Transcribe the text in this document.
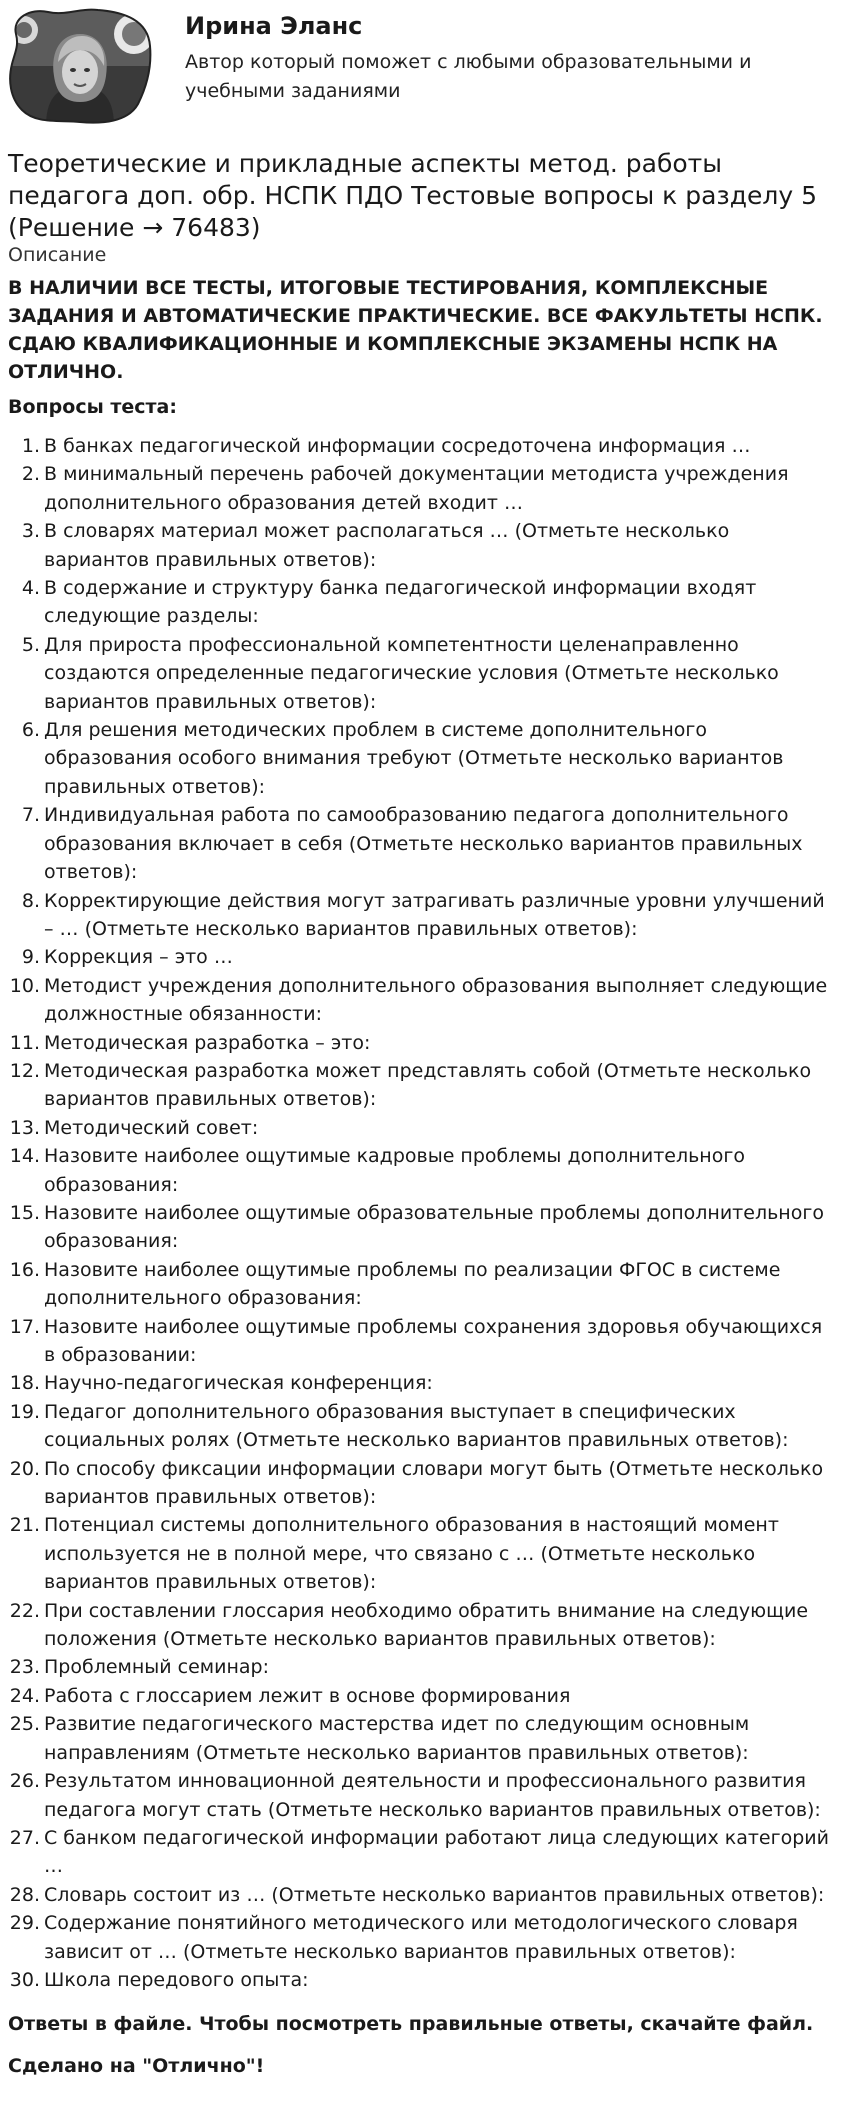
Ирина Эланс
Автор который поможет с любыми образовательными и учебными заданиями
Теоретические и прикладные аспекты метод. работы педагога доп. обр. НСПК ПДО Тестовые вопросы к разделу 5 (Решение → 76483)
Описание
В НАЛИЧИИ ВСЕ ТЕСТЫ, ИТОГОВЫЕ ТЕСТИРОВАНИЯ, КОМПЛЕКСНЫЕ ЗАДАНИЯ И АВТОМАТИЧЕСКИЕ ПРАКТИЧЕСКИЕ. ВСЕ ФАКУЛЬТЕТЫ НСПК. СДАЮ КВАЛИФИКАЦИОННЫЕ И КОМПЛЕКСНЫЕ ЭКЗАМЕНЫ НСПК НА ОТЛИЧНО.
Вопросы теста:
1. В банках педагогической информации сосредоточена информация …
2. В минимальный перечень рабочей документации методиста учреждения дополнительного образования детей входит …
3. В словарях материал может располагаться … (Отметьте несколько вариантов правильных ответов):
4. В содержание и структуру банка педагогической информации входят следующие разделы:
5. Для прироста профессиональной компетентности целенаправленно создаются определенные педагогические условия (Отметьте несколько вариантов правильных ответов):
6. Для решения методических проблем в системе дополнительного образования особого внимания требуют (Отметьте несколько вариантов правильных ответов):
7. Индивидуальная работа по самообразованию педагога дополнительного образования включает в себя (Отметьте несколько вариантов правильных ответов):
8. Корректирующие действия могут затрагивать различные уровни улучшений – … (Отметьте несколько вариантов правильных ответов):
9. Коррекция – это …
10. Методист учреждения дополнительного образования выполняет следующие должностные обязанности:
11. Методическая разработка – это:
12. Методическая разработка может представлять собой (Отметьте несколько вариантов правильных ответов):
13. Методический совет:
14. Назовите наиболее ощутимые кадровые проблемы дополнительного образования:
15. Назовите наиболее ощутимые образовательные проблемы дополнительного образования:
16. Назовите наиболее ощутимые проблемы по реализации ФГОС в системе дополнительного образования:
17. Назовите наиболее ощутимые проблемы сохранения здоровья обучающихся в образовании:
18. Научно-педагогическая конференция:
19. Педагог дополнительного образования выступает в специфических социальных ролях (Отметьте несколько вариантов правильных ответов):
20. По способу фиксации информации словари могут быть (Отметьте несколько вариантов правильных ответов):
21. Потенциал системы дополнительного образования в настоящий момент используется не в полной мере, что связано с … (Отметьте несколько вариантов правильных ответов):
22. При составлении глоссария необходимо обратить внимание на следующие положения (Отметьте несколько вариантов правильных ответов):
23. Проблемный семинар:
24. Работа с глоссарием лежит в основе формирования
25. Развитие педагогического мастерства идет по следующим основным направлениям (Отметьте несколько вариантов правильных ответов):
26. Результатом инновационной деятельности и профессионального развития педагога могут стать (Отметьте несколько вариантов правильных ответов):
27. С банком педагогической информации работают лица следующих категорий …
28. Словарь состоит из … (Отметьте несколько вариантов правильных ответов):
29. Содержание понятийного методического или методологического словаря зависит от … (Отметьте несколько вариантов правильных ответов):
30. Школа передового опыта:
Ответы в файле. Чтобы посмотреть правильные ответы, скачайте файл.
Сделано на "Отлично"!
